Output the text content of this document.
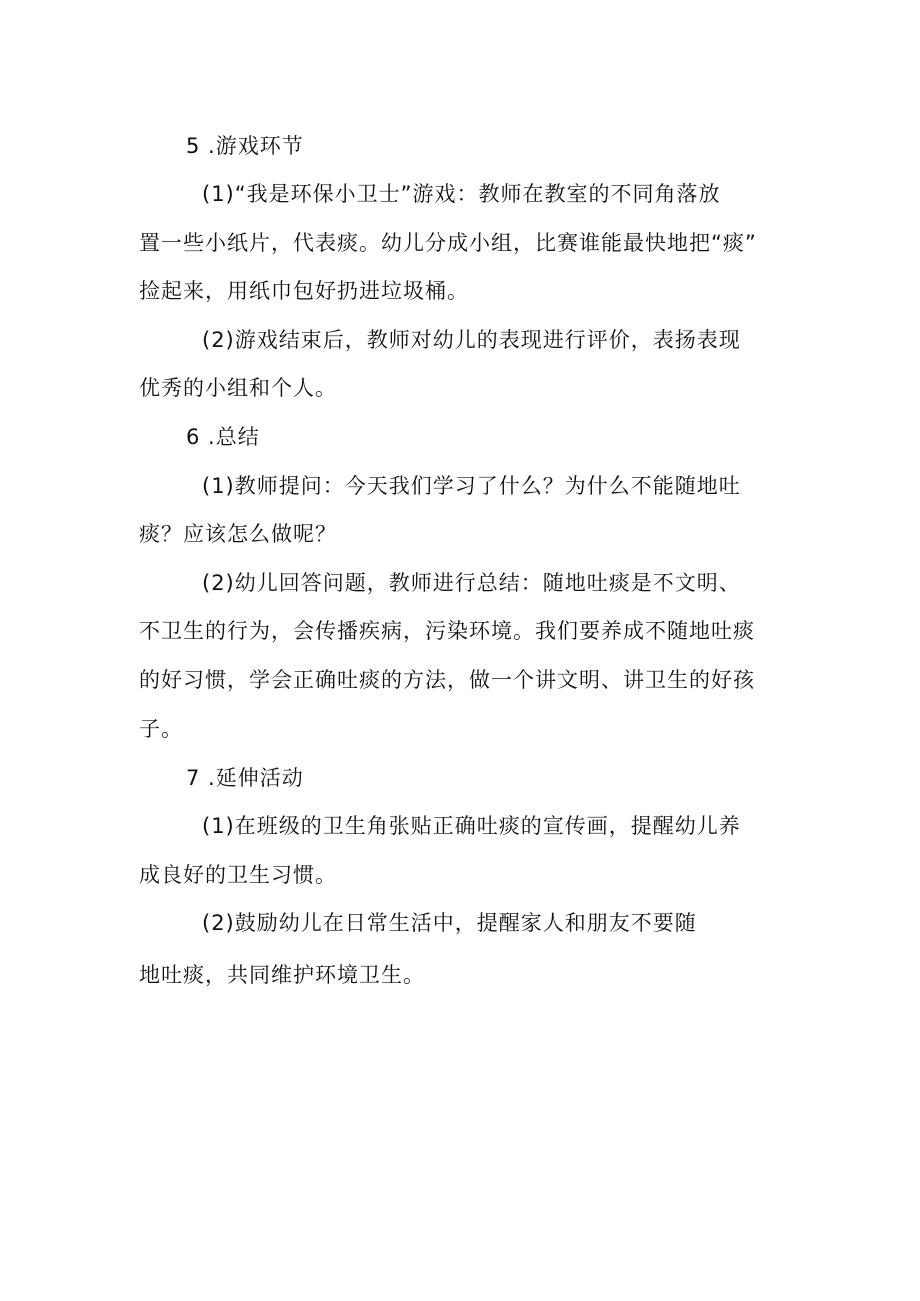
5 .游戏环节

(1)“我是环保小卫士”游戏：教师在教室的不同角落放

置一些小纸片，代表痰。幼儿分成小组，比赛谁能最快地把“痰”

捡起来，用纸巾包好扔进垃圾桶。

(2)游戏结束后，教师对幼儿的表现进行评价，表扬表现

优秀的小组和个人。

6 .总结

(1)教师提问：今天我们学习了什么？为什么不能随地吐

痰？应该怎么做呢？

(2)幼儿回答问题，教师进行总结：随地吐痰是不文明、

不卫生的行为，会传播疾病，污染环境。我们要养成不随地吐痰

的好习惯，学会正确吐痰的方法，做一个讲文明、讲卫生的好孩

子。

7 .延伸活动

(1)在班级的卫生角张贴正确吐痰的宣传画，提醒幼儿养

成良好的卫生习惯。

(2)鼓励幼儿在日常生活中，提醒家人和朋友不要随

地吐痰，共同维护环境卫生。
